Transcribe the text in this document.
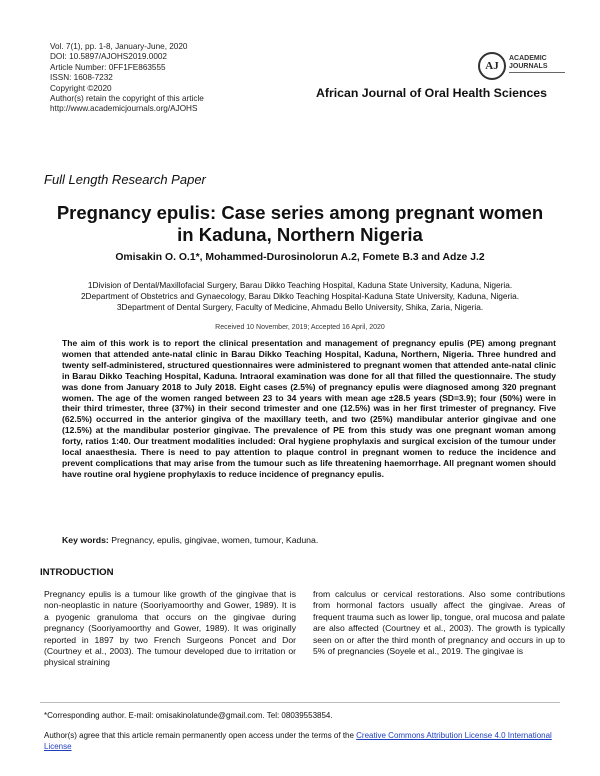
Vol. 7(1), pp. 1-8, January-June, 2020
DOI: 10.5897/AJOHS2019.0002
Article Number: 0FF1FE863555
ISSN: 1608-7232
Copyright ©2020
Author(s) retain the copyright of this article
http://www.academicjournals.org/AJOHS
AJ
ACADEMIC
JOURNALS
African Journal of Oral Health Sciences
Full Length Research Paper
Pregnancy epulis: Case series among pregnant women
in Kaduna, Northern Nigeria
Omisakin O. O.1*, Mohammed-Durosinolorun A.2, Fomete B.3 and Adze J.2
1Division of Dental/Maxillofacial Surgery, Barau Dikko Teaching Hospital, Kaduna State University, Kaduna, Nigeria.
2Department of Obstetrics and Gynaecology, Barau Dikko Teaching Hospital-Kaduna State University, Kaduna, Nigeria.
3Department of Dental Surgery, Faculty of Medicine, Ahmadu Bello University, Shika, Zaria, Nigeria.
Received 10 November, 2019; Accepted 16 April, 2020
The aim of this work is to report the clinical presentation and management of pregnancy epulis (PE) among pregnant women that attended ante-natal clinic in Barau Dikko Teaching Hospital, Kaduna, Northern, Nigeria. Three hundred and twenty self-administered, structured questionnaires were administered to pregnant women that attended ante-natal clinic in Barau Dikko Teaching Hospital, Kaduna. Intraoral examination was done for all that filled the questionnaire. The study was done from January 2018 to July 2018. Eight cases (2.5%) of pregnancy epulis were diagnosed among 320 pregnant women. The age of the women ranged between 23 to 34 years with mean age ±28.5 years (SD=3.9); four (50%) were in their third trimester, three (37%) in their second trimester and one (12.5%) was in her first trimester of pregnancy. Five (62.5%) occurred in the anterior gingiva of the maxillary teeth, and two (25%) mandibular anterior gingivae and one (12.5%) at the mandibular posterior gingivae. The prevalence of PE from this study was one pregnant woman among forty, ratios 1:40. Our treatment modalities included: Oral hygiene prophylaxis and surgical excision of the tumour under local anaesthesia. There is need to pay attention to plaque control in pregnant women to reduce the incidence and prevent complications that may arise from the tumour such as life threatening haemorrhage. All pregnant women should have routine oral hygiene prophylaxis to reduce incidence of pregnancy epulis.
Key words: Pregnancy, epulis, gingivae, women, tumour, Kaduna.
INTRODUCTION
Pregnancy epulis is a tumour like growth of the gingivae that is non-neoplastic in nature (Sooriyamoorthy and Gower, 1989). It is a pyogenic granuloma that occurs on the gingivae during pregnancy (Sooriyamoorthy and Gower, 1989). It was originally reported in 1897 by two French Surgeons Poncet and Dor (Courtney et al., 2003). The tumour developed due to irritation or physical straining
from calculus or cervical restorations. Also some contributions from hormonal factors usually affect the gingivae. Areas of frequent trauma such as lower lip, tongue, oral mucosa and palate are also affected (Courtney et al., 2003). The growth is typically seen on or after the third month of pregnancy and occurs in up to 5% of pregnancies (Soyele et al., 2019. The gingivae is
*Corresponding author. E-mail: omisakinolatunde@gmail.com. Tel: 08039553854.
Author(s) agree that this article remain permanently open access under the terms of the Creative Commons Attribution License 4.0 International License
